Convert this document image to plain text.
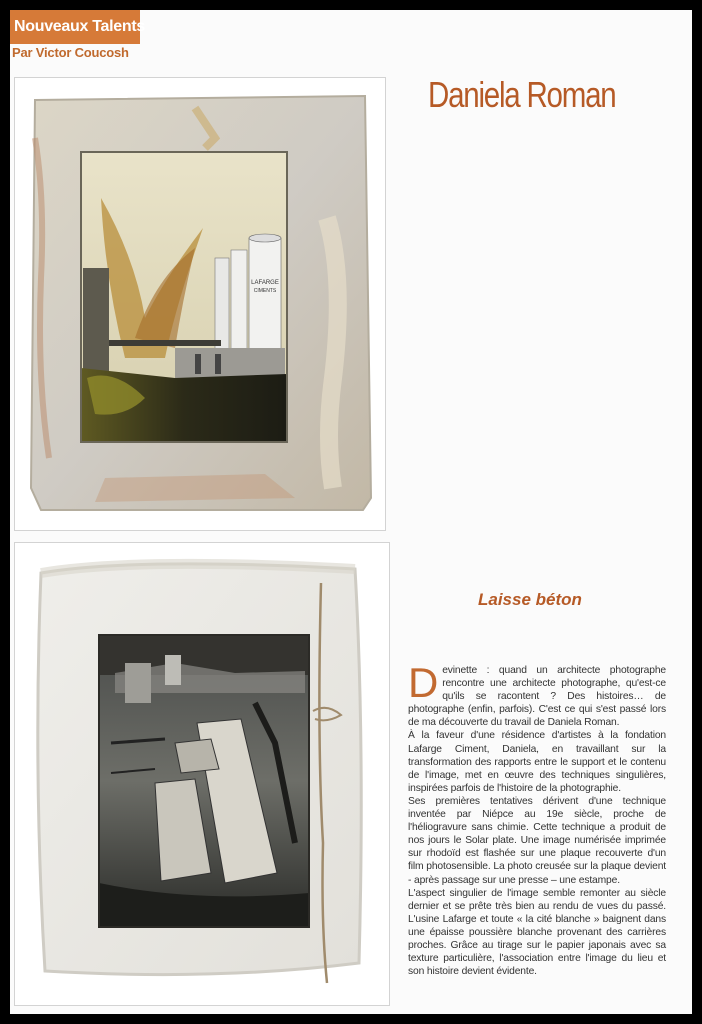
Nouveaux Talents
Par Victor Coucosh
LAFARGE
CIMENTS
Daniela Roman
Laisse béton

Devinette : quand un architecte photographe rencontre une architecte photographe, qu'est-ce qu'ils se racontent ? Des histoires… de photographe (enfin, parfois). C'est ce qui s'est passé lors de ma découverte du travail de Daniela Roman.

À la faveur d'une résidence d'artistes à la fondation Lafarge Ciment, Daniela, en travaillant sur la transformation des rapports entre le support et le contenu de l'image, met en œuvre des techniques singulières, inspirées parfois de l'histoire de la photographie.

Ses premières tentatives dérivent d'une technique inventée par Niépce au 19e siècle, proche de l'héliogravure sans chimie. Cette technique a produit de nos jours le Solar plate. Une image numérisée imprimée sur rhodoïd est flashée sur une plaque recouverte d'un film photosensible. La photo creusée sur la plaque devient - après passage sur une presse – une estampe.

L'aspect singulier de l'image semble remonter au siècle dernier et se prête très bien au rendu de vues du passé. L'usine Lafarge et toute « la cité blanche » baignent dans une épaisse poussière blanche provenant des carrières proches. Grâce au tirage sur le papier japonais avec sa texture particulière, l'association entre l'image du lieu et son histoire devient évidente.
